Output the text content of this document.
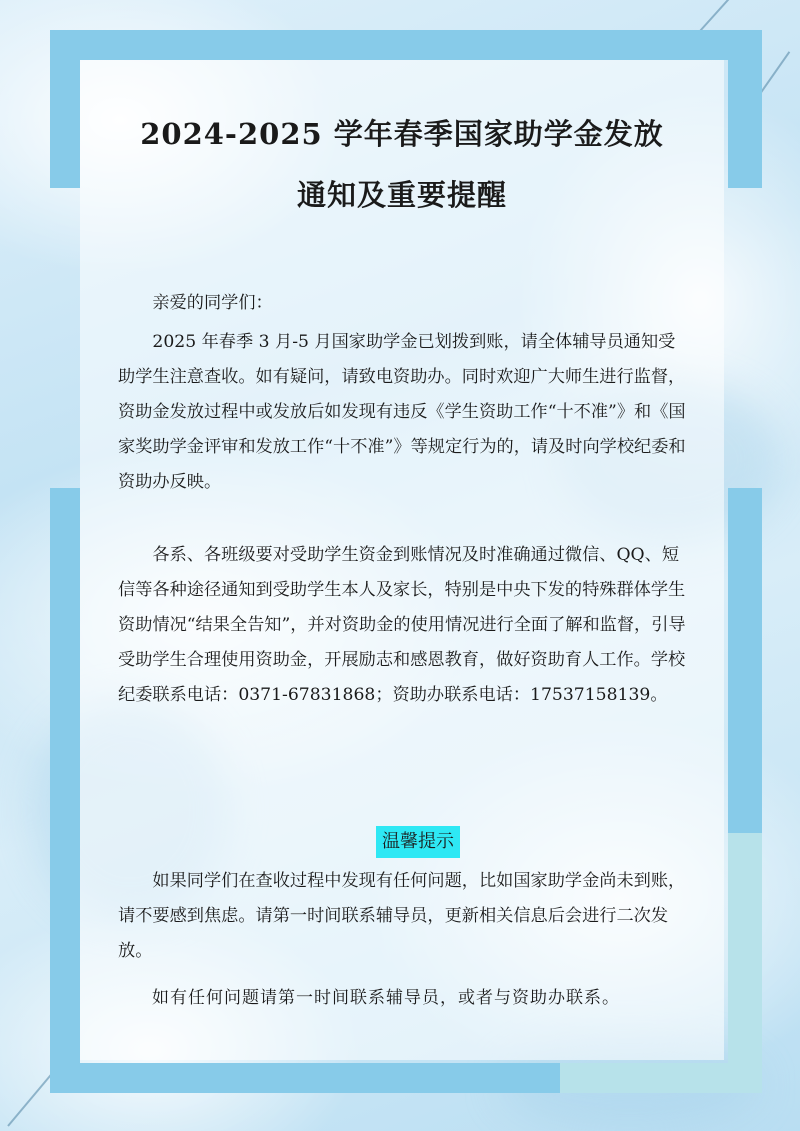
2024-2025 学年春季国家助学金发放
通知及重要提醒

亲爱的同学们：

2025 年春季 3 月-5 月国家助学金已划拨到账，请全体辅导员通知受助学生注意查收。如有疑问，请致电资助办。同时欢迎广大师生进行监督，资助金发放过程中或发放后如发现有违反《学生资助工作“十不准”》和《国家奖助学金评审和发放工作“十不准”》等规定行为的，请及时向学校纪委和资助办反映。

各系、各班级要对受助学生资金到账情况及时准确通过微信、QQ、短信等各种途径通知到受助学生本人及家长，特别是中央下发的特殊群体学生资助情况“结果全告知”，并对资助金的使用情况进行全面了解和监督，引导受助学生合理使用资助金，开展励志和感恩教育，做好资助育人工作。学校纪委联系电话：0371-67831868；资助办联系电话：17537158139。

温馨提示

如果同学们在查收过程中发现有任何问题，比如国家助学金尚未到账，请不要感到焦虑。请第一时间联系辅导员，更新相关信息后会进行二次发放。

如有任何问题请第一时间联系辅导员，或者与资助办联系。
